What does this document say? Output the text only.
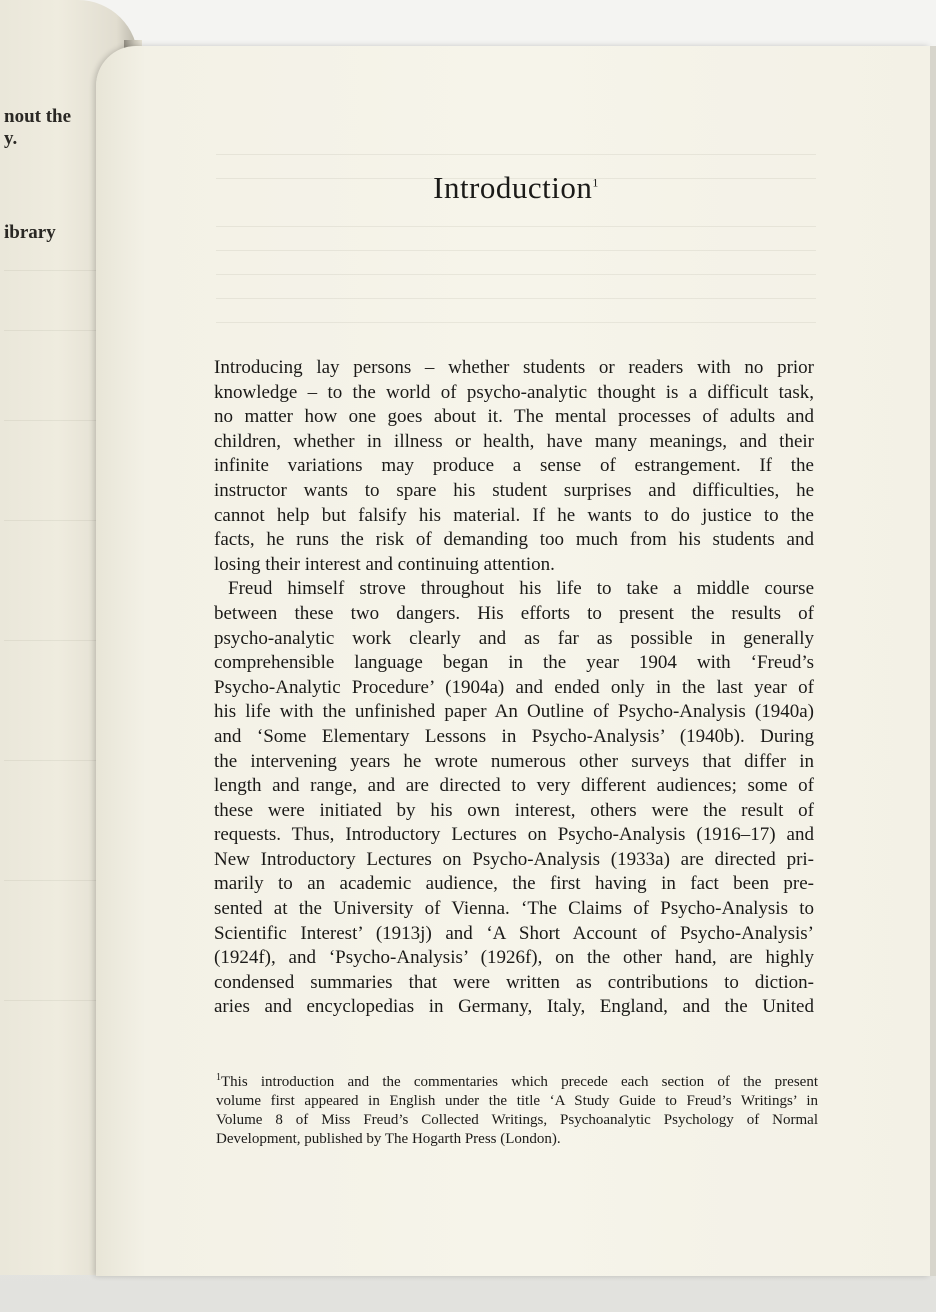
nout the
y.
ibrary
Introduction$^1$
Introducing lay persons – whether students or readers with no prior
knowledge – to the world of psycho-analytic thought is a difficult task,
no matter how one goes about it. The mental processes of adults and
children, whether in illness or health, have many meanings, and their
infinite variations may produce a sense of estrangement. If the
instructor wants to spare his student surprises and difficulties, he
cannot help but falsify his material. If he wants to do justice to the
facts, he runs the risk of demanding too much from his students and
losing their interest and continuing attention.
Freud himself strove throughout his life to take a middle course
between these two dangers. His efforts to present the results of
psycho-analytic work clearly and as far as possible in generally
comprehensible language began in the year 1904 with ‘Freud’s
Psycho-Analytic Procedure’ (1904a) and ended only in the last year of
his life with the unfinished paper An Outline of Psycho-Analysis (1940a)
and ‘Some Elementary Lessons in Psycho-Analysis’ (1940b). During
the intervening years he wrote numerous other surveys that differ in
length and range, and are directed to very different audiences; some of
these were initiated by his own interest, others were the result of
requests. Thus, Introductory Lectures on Psycho-Analysis (1916–17) and
New Introductory Lectures on Psycho-Analysis (1933a) are directed pri-
marily to an academic audience, the first having in fact been pre-
sented at the University of Vienna. ‘The Claims of Psycho-Analysis to
Scientific Interest’ (1913j) and ‘A Short Account of Psycho-Analysis’
(1924f), and ‘Psycho-Analysis’ (1926f), on the other hand, are highly
condensed summaries that were written as contributions to diction-
aries and encyclopedias in Germany, Italy, England, and the United
$^1$This introduction and the commentaries which precede each section of the present
volume first appeared in English under the title ‘A Study Guide to Freud’s Writings’ in
Volume 8 of Miss Freud’s Collected Writings, Psychoanalytic Psychology of Normal
Development, published by The Hogarth Press (London).
